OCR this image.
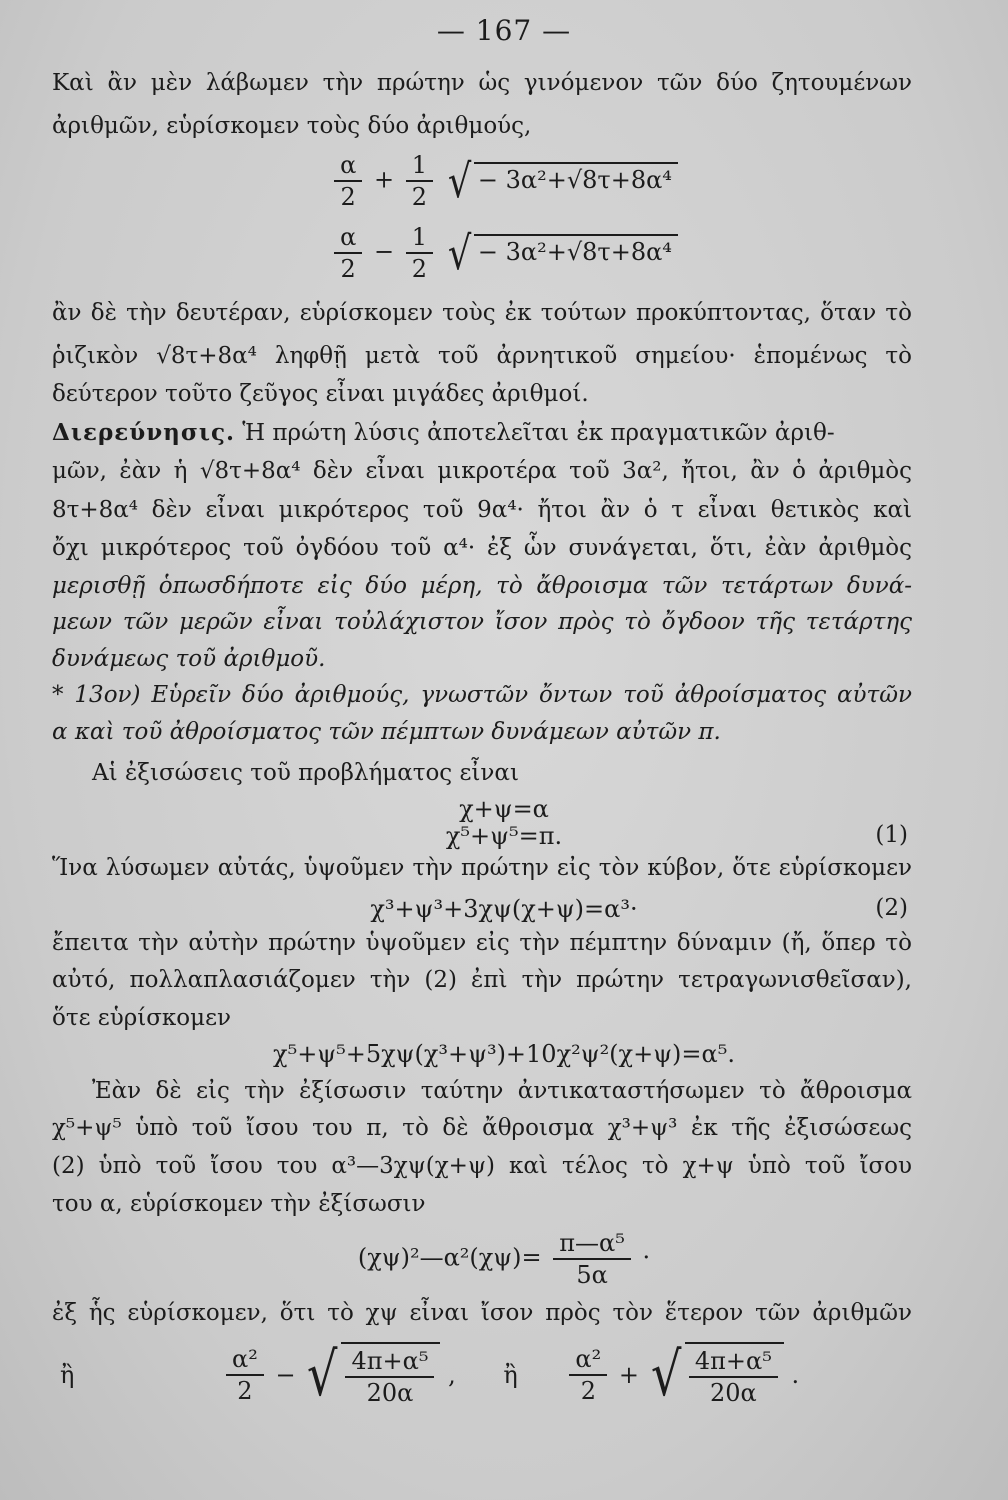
— 167 —
Καὶ ἂν μὲν λάβωμεν τὴν πρώτην ὡς γινόμενον τῶν δύο ζητουμένων
ἀριθμῶν, εὑρίσκομεν τοὺς δύο ἀριθμούς,
$\frac{\alpha}{2} + \frac{1}{2}$ √ − 3α²+√8τ+8α⁴
$\frac{\alpha}{2} - \frac{1}{2}$ √ − 3α²+√8τ+8α⁴
ἂν δὲ τὴν δευτέραν, εὑρίσκομεν τοὺς ἐκ τούτων προκύπτοντας, ὅταν τὸ
ῥιζικὸν √8τ+8α⁴ ληφθῇ μετὰ τοῦ ἀρνητικοῦ σημείου· ἑπομένως τὸ
δεύτερον τοῦτο ζεῦγος εἶναι μιγάδες ἀριθμοί.
Διερεύνησις. Ἡ πρώτη λύσις ἀποτελεῖται ἐκ πραγματικῶν ἀριθ-
μῶν, ἐὰν ἡ √8τ+8α⁴ δὲν εἶναι μικροτέρα τοῦ 3α², ἤτοι, ἂν ὁ ἀριθμὸς
8τ+8α⁴ δὲν εἶναι μικρότερος τοῦ 9α⁴· ἤτοι ἂν ὁ τ εἶναι θετικὸς καὶ
ὄχι μικρότερος τοῦ ὀγδόου τοῦ α⁴· ἐξ ὧν συνάγεται, ὅτι, ἐὰν ἀριθμὸς
μερισθῇ ὁπωσδήποτε εἰς δύο μέρη, τὸ ἄθροισμα τῶν τετάρτων δυνά-
μεων τῶν μερῶν εἶναι τοὐλάχιστον ἴσον πρὸς τὸ ὄγδοον τῆς τετάρτης
δυνάμεως τοῦ ἀριθμοῦ.
* 13ον) Εὑρεῖν δύο ἀριθμούς, γνωστῶν ὄντων τοῦ ἀθροίσματος αὐτῶν
α καὶ τοῦ ἀθροίσματος τῶν πέμπτων δυνάμεων αὐτῶν π.
Αἱ ἐξισώσεις τοῦ προβλήματος εἶναι
χ+ψ=α
χ⁵+ψ⁵=π.	(1)
Ἵνα λύσωμεν αὐτάς, ὑψοῦμεν τὴν πρώτην εἰς τὸν κύβον, ὅτε εὑρίσκομεν
χ³+ψ³+3χψ(χ+ψ)=α³·	(2)
ἔπειτα τὴν αὐτὴν πρώτην ὑψοῦμεν εἰς τὴν πέμπτην δύναμιν (ἤ, ὅπερ τὸ
αὐτό, πολλαπλασιάζομεν τὴν (2) ἐπὶ τὴν πρώτην τετραγωνισθεῖσαν),
ὅτε εὑρίσκομεν
χ⁵+ψ⁵+5χψ(χ³+ψ³)+10χ²ψ²(χ+ψ)=α⁵.
Ἐὰν δὲ εἰς τὴν ἐξίσωσιν ταύτην ἀντικαταστήσωμεν τὸ ἄθροισμα
χ⁵+ψ⁵ ὑπὸ τοῦ ἴσου του π, τὸ δὲ ἄθροισμα χ³+ψ³ ἐκ τῆς ἐξισώσεως
(2) ὑπὸ τοῦ ἴσου του α³—3χψ(χ+ψ) καὶ τέλος τὸ χ+ψ ὑπὸ τοῦ ἴσου
του α, εὑρίσκομεν τὴν ἐξίσωσιν
(χψ)²—α²(χψ)= $\frac{\text{π—α⁵}}{5\alpha}$ ·
ἐξ ἧς εὑρίσκομεν, ὅτι τὸ χψ εἶναι ἴσον πρὸς τὸν ἕτερον τῶν ἀριθμῶν
ἢ	$\frac{\text{α²}}{2}$ − √ $\frac{\text{4π+α⁵}}{20\alpha}$ , ἢ $\frac{\text{α²}}{2}$ + √ $\frac{\text{4π+α⁵}}{20\alpha}$ .
